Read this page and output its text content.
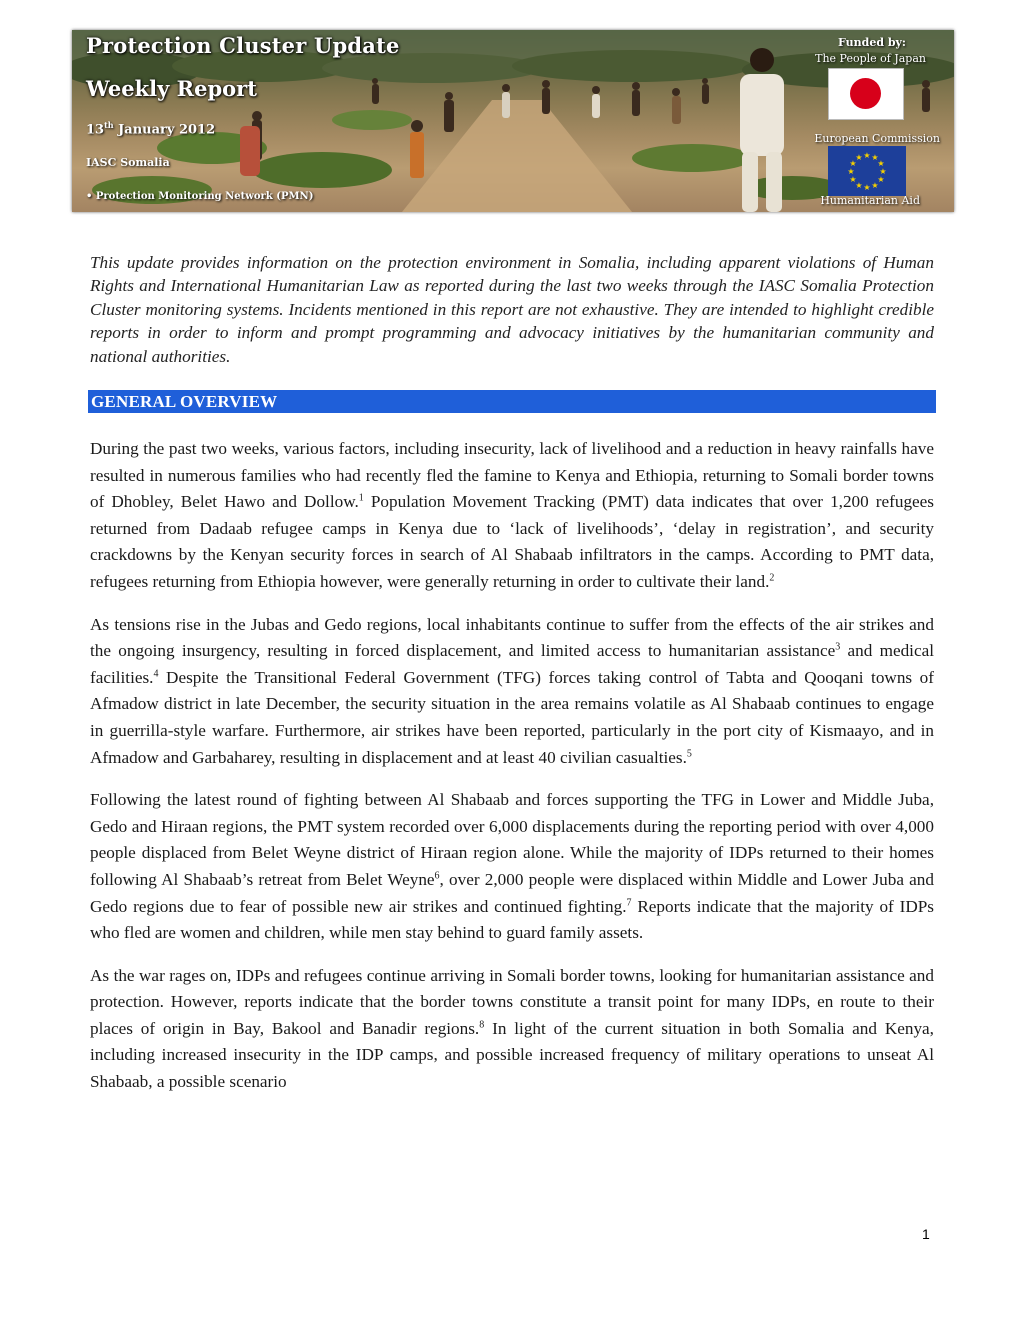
Protection Cluster Update
Weekly Report
13th January 2012
IASC Somalia
• Protection Monitoring Network (PMN)
Funded by:
The People of Japan
European Commission
★ ★
★
★
★
★
★
★
★
★
★
★
Humanitarian Aid

This update provides information on the protection environment in Somalia, including apparent violations of Human Rights and International Humanitarian Law as reported during the last two weeks through the IASC Somalia Protection Cluster monitoring systems. Incidents mentioned in this report are not exhaustive. They are intended to highlight credible reports in order to inform and prompt programming and advocacy initiatives by the humanitarian community and national authorities.

GENERAL OVERVIEW

During the past two weeks, various factors, including insecurity, lack of livelihood and a reduction in heavy rainfalls have resulted in numerous families who had recently fled the famine to Kenya and Ethiopia, returning to Somali border towns of Dhobley, Belet Hawo and Dollow.$^1$ Population Movement Tracking (PMT) data indicates that over 1,200 refugees returned from Dadaab refugee camps in Kenya due to ‘lack of livelihoods’, ‘delay in registration’, and security crackdowns by the Kenyan security forces in search of Al Shabaab infiltrators in the camps. According to PMT data, refugees returning from Ethiopia however, were generally returning in order to cultivate their land.$^2$

As tensions rise in the Jubas and Gedo regions, local inhabitants continue to suffer from the effects of the air strikes and the ongoing insurgency, resulting in forced displacement, and limited access to humanitarian assistance$^3$ and medical facilities.$^4$ Despite the Transitional Federal Government (TFG) forces taking control of Tabta and Qooqani towns of Afmadow district in late December, the security situation in the area remains volatile as Al Shabaab continues to engage in guerrilla-style warfare. Furthermore, air strikes have been reported, particularly in the port city of Kismaayo, and in Afmadow and Garbaharey, resulting in displacement and at least 40 civilian casualties.$^5$

Following the latest round of fighting between Al Shabaab and forces supporting the TFG in Lower and Middle Juba, Gedo and Hiraan regions, the PMT system recorded over 6,000 displacements during the reporting period with over 4,000 people displaced from Belet Weyne district of Hiraan region alone. While the majority of IDPs returned to their homes following Al Shabaab’s retreat from Belet Weyne$^6$, over 2,000 people were displaced within Middle and Lower Juba and Gedo regions due to fear of possible new air strikes and continued fighting.$^7$ Reports indicate that the majority of IDPs who fled are women and children, while men stay behind to guard family assets.

As the war rages on, IDPs and refugees continue arriving in Somali border towns, looking for humanitarian assistance and protection. However, reports indicate that the border towns constitute a transit point for many IDPs, en route to their places of origin in Bay, Bakool and Banadir regions.$^8$ In light of the current situation in both Somalia and Kenya, including increased insecurity in the IDP camps, and possible increased frequency of military operations to unseat Al Shabaab, a possible scenario

1
